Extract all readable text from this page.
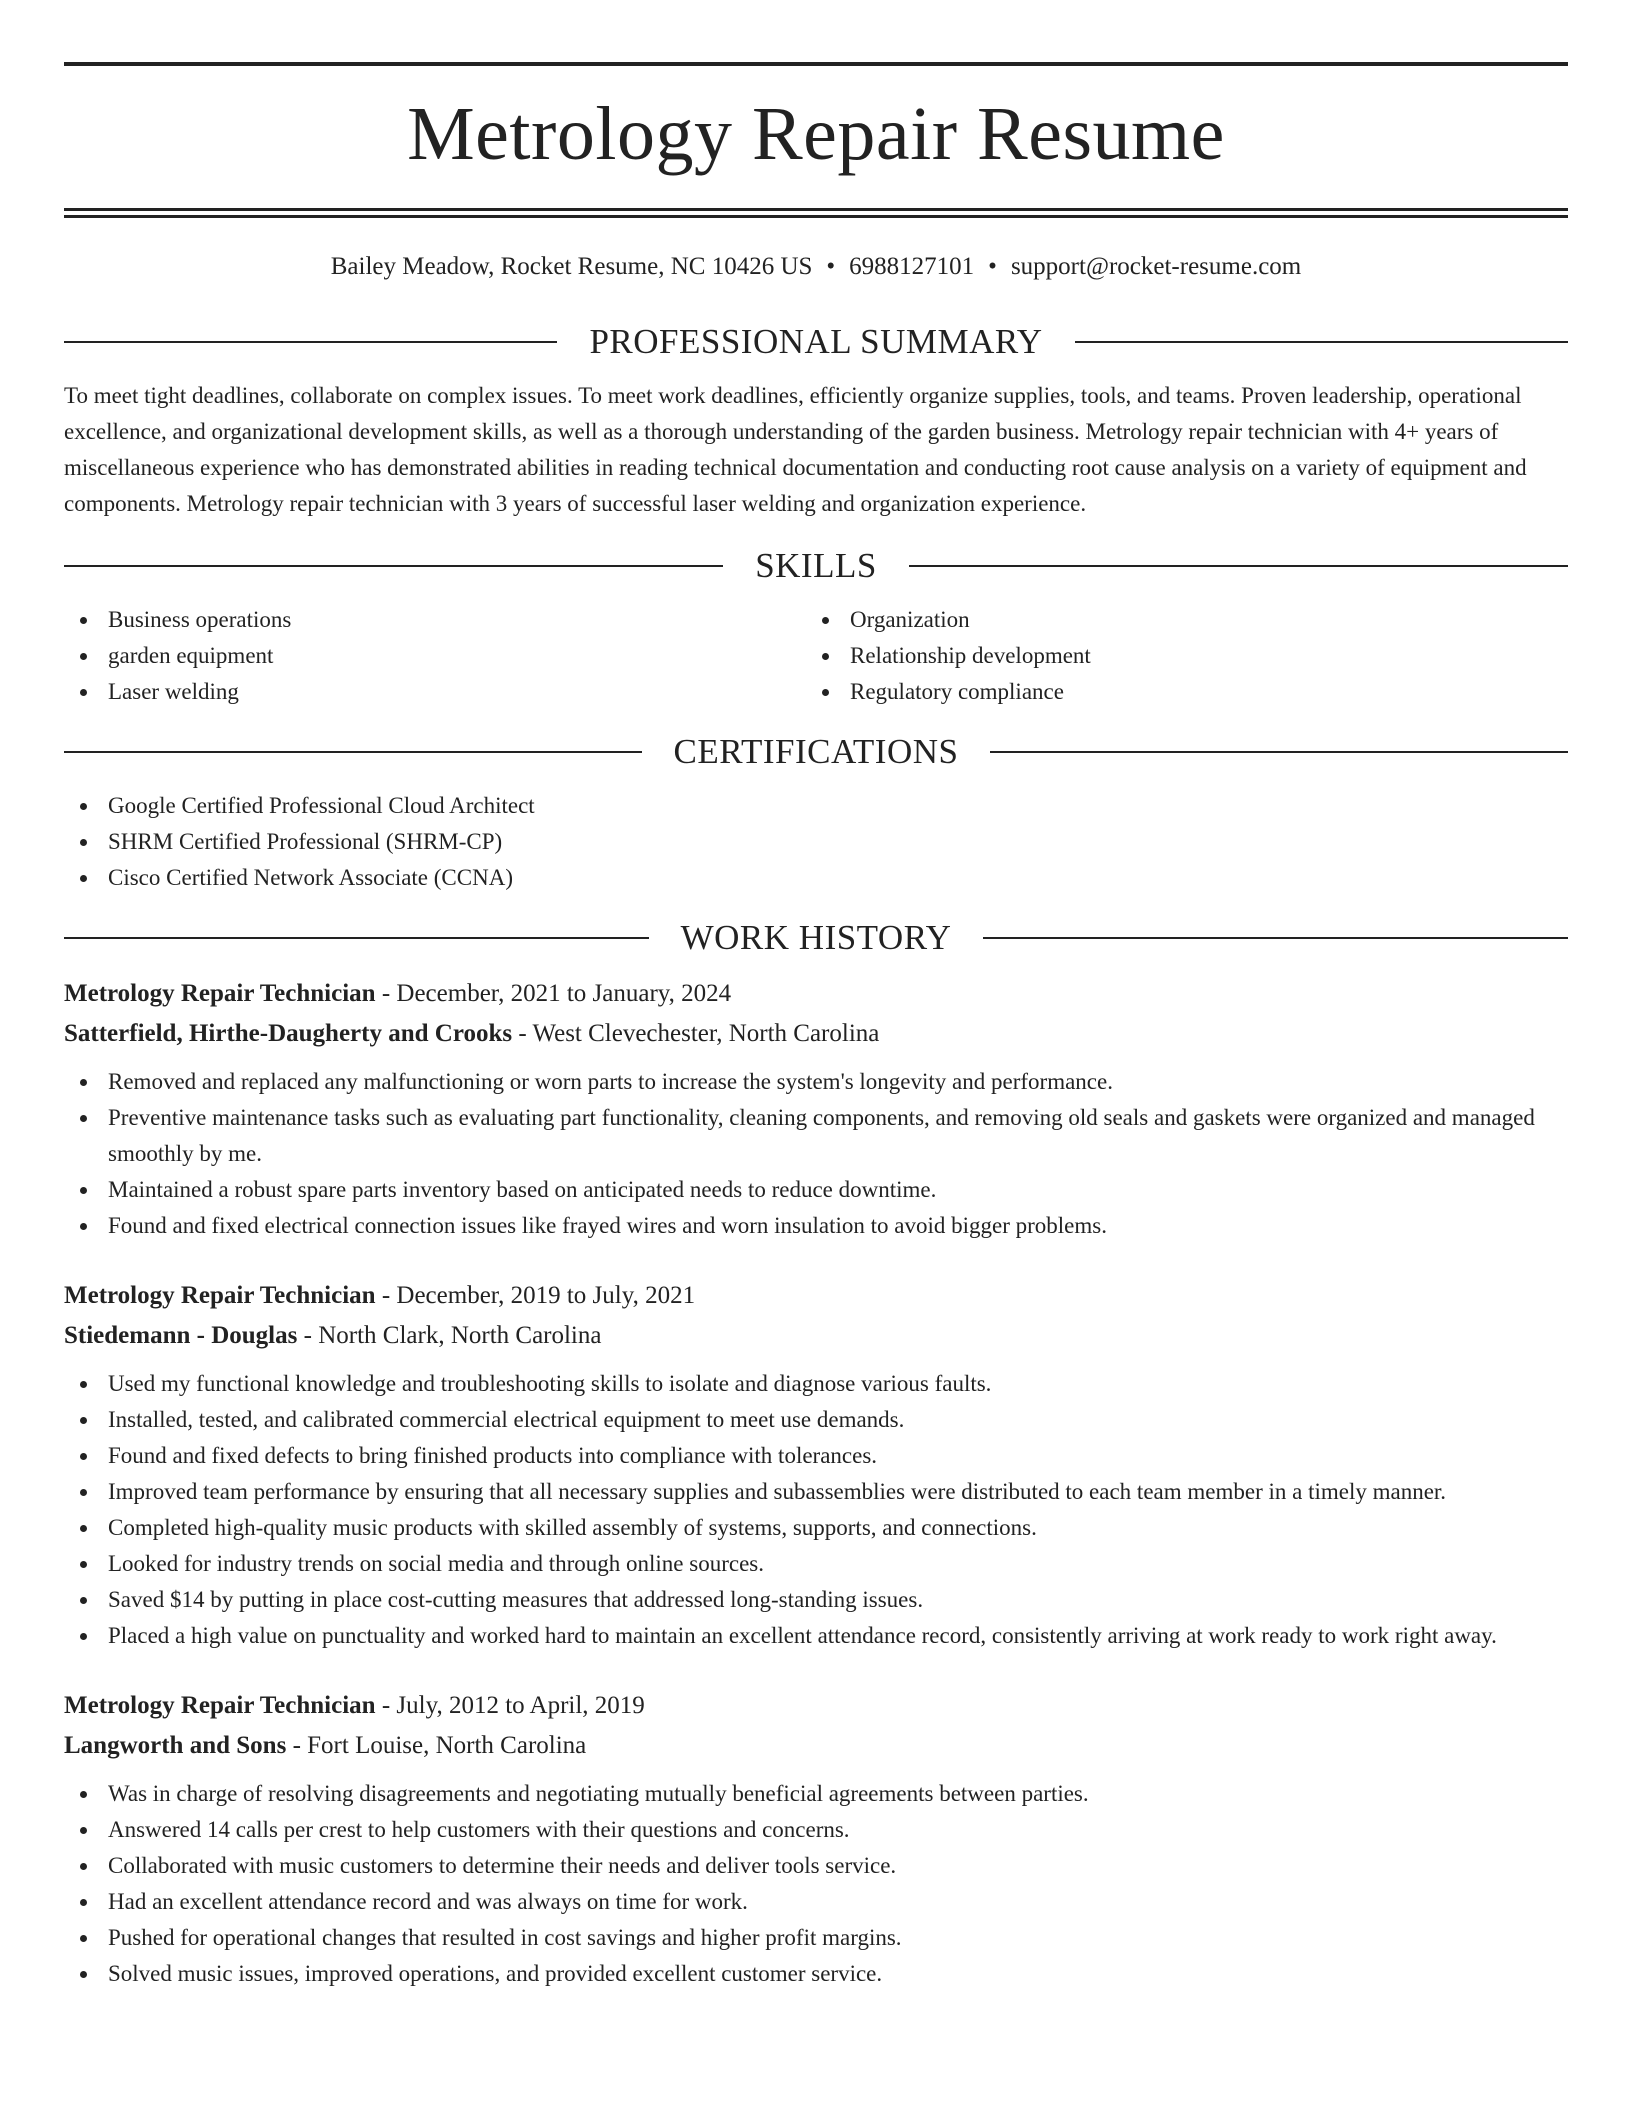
Metrology Repair Resume
Bailey Meadow, Rocket Resume, NC 10426 US • 6988127101 • support@rocket-resume.com
PROFESSIONAL SUMMARY

To meet tight deadlines, collaborate on complex issues. To meet work deadlines, efficiently organize supplies, tools, and teams. Proven leadership, operational excellence, and organizational development skills, as well as a thorough understanding of the garden business. Metrology repair technician with 4+ years of miscellaneous experience who has demonstrated abilities in reading technical documentation and conducting root cause analysis on a variety of equipment and components. Metrology repair technician with 3 years of successful laser welding and organization experience.

SKILLS
Business operations
garden equipment
Laser welding
Organization
Relationship development
Regulatory compliance
CERTIFICATIONS
Google Certified Professional Cloud Architect
SHRM Certified Professional (SHRM-CP)
Cisco Certified Network Associate (CCNA)
WORK HISTORY
Metrology Repair Technician - December, 2021 to January, 2024
Satterfield, Hirthe-Daugherty and Crooks - West Clevechester, North Carolina
Removed and replaced any malfunctioning or worn parts to increase the system's longevity and performance.
Preventive maintenance tasks such as evaluating part functionality, cleaning components, and removing old seals and gaskets were organized and managed smoothly by me.
Maintained a robust spare parts inventory based on anticipated needs to reduce downtime.
Found and fixed electrical connection issues like frayed wires and worn insulation to avoid bigger problems.
Metrology Repair Technician - December, 2019 to July, 2021
Stiedemann - Douglas - North Clark, North Carolina
Used my functional knowledge and troubleshooting skills to isolate and diagnose various faults.
Installed, tested, and calibrated commercial electrical equipment to meet use demands.
Found and fixed defects to bring finished products into compliance with tolerances.
Improved team performance by ensuring that all necessary supplies and subassemblies were distributed to each team member in a timely manner.
Completed high-quality music products with skilled assembly of systems, supports, and connections.
Looked for industry trends on social media and through online sources.
Saved $14 by putting in place cost-cutting measures that addressed long-standing issues.
Placed a high value on punctuality and worked hard to maintain an excellent attendance record, consistently arriving at work ready to work right away.
Metrology Repair Technician - July, 2012 to April, 2019
Langworth and Sons - Fort Louise, North Carolina
Was in charge of resolving disagreements and negotiating mutually beneficial agreements between parties.
Answered 14 calls per crest to help customers with their questions and concerns.
Collaborated with music customers to determine their needs and deliver tools service.
Had an excellent attendance record and was always on time for work.
Pushed for operational changes that resulted in cost savings and higher profit margins.
Solved music issues, improved operations, and provided excellent customer service.
